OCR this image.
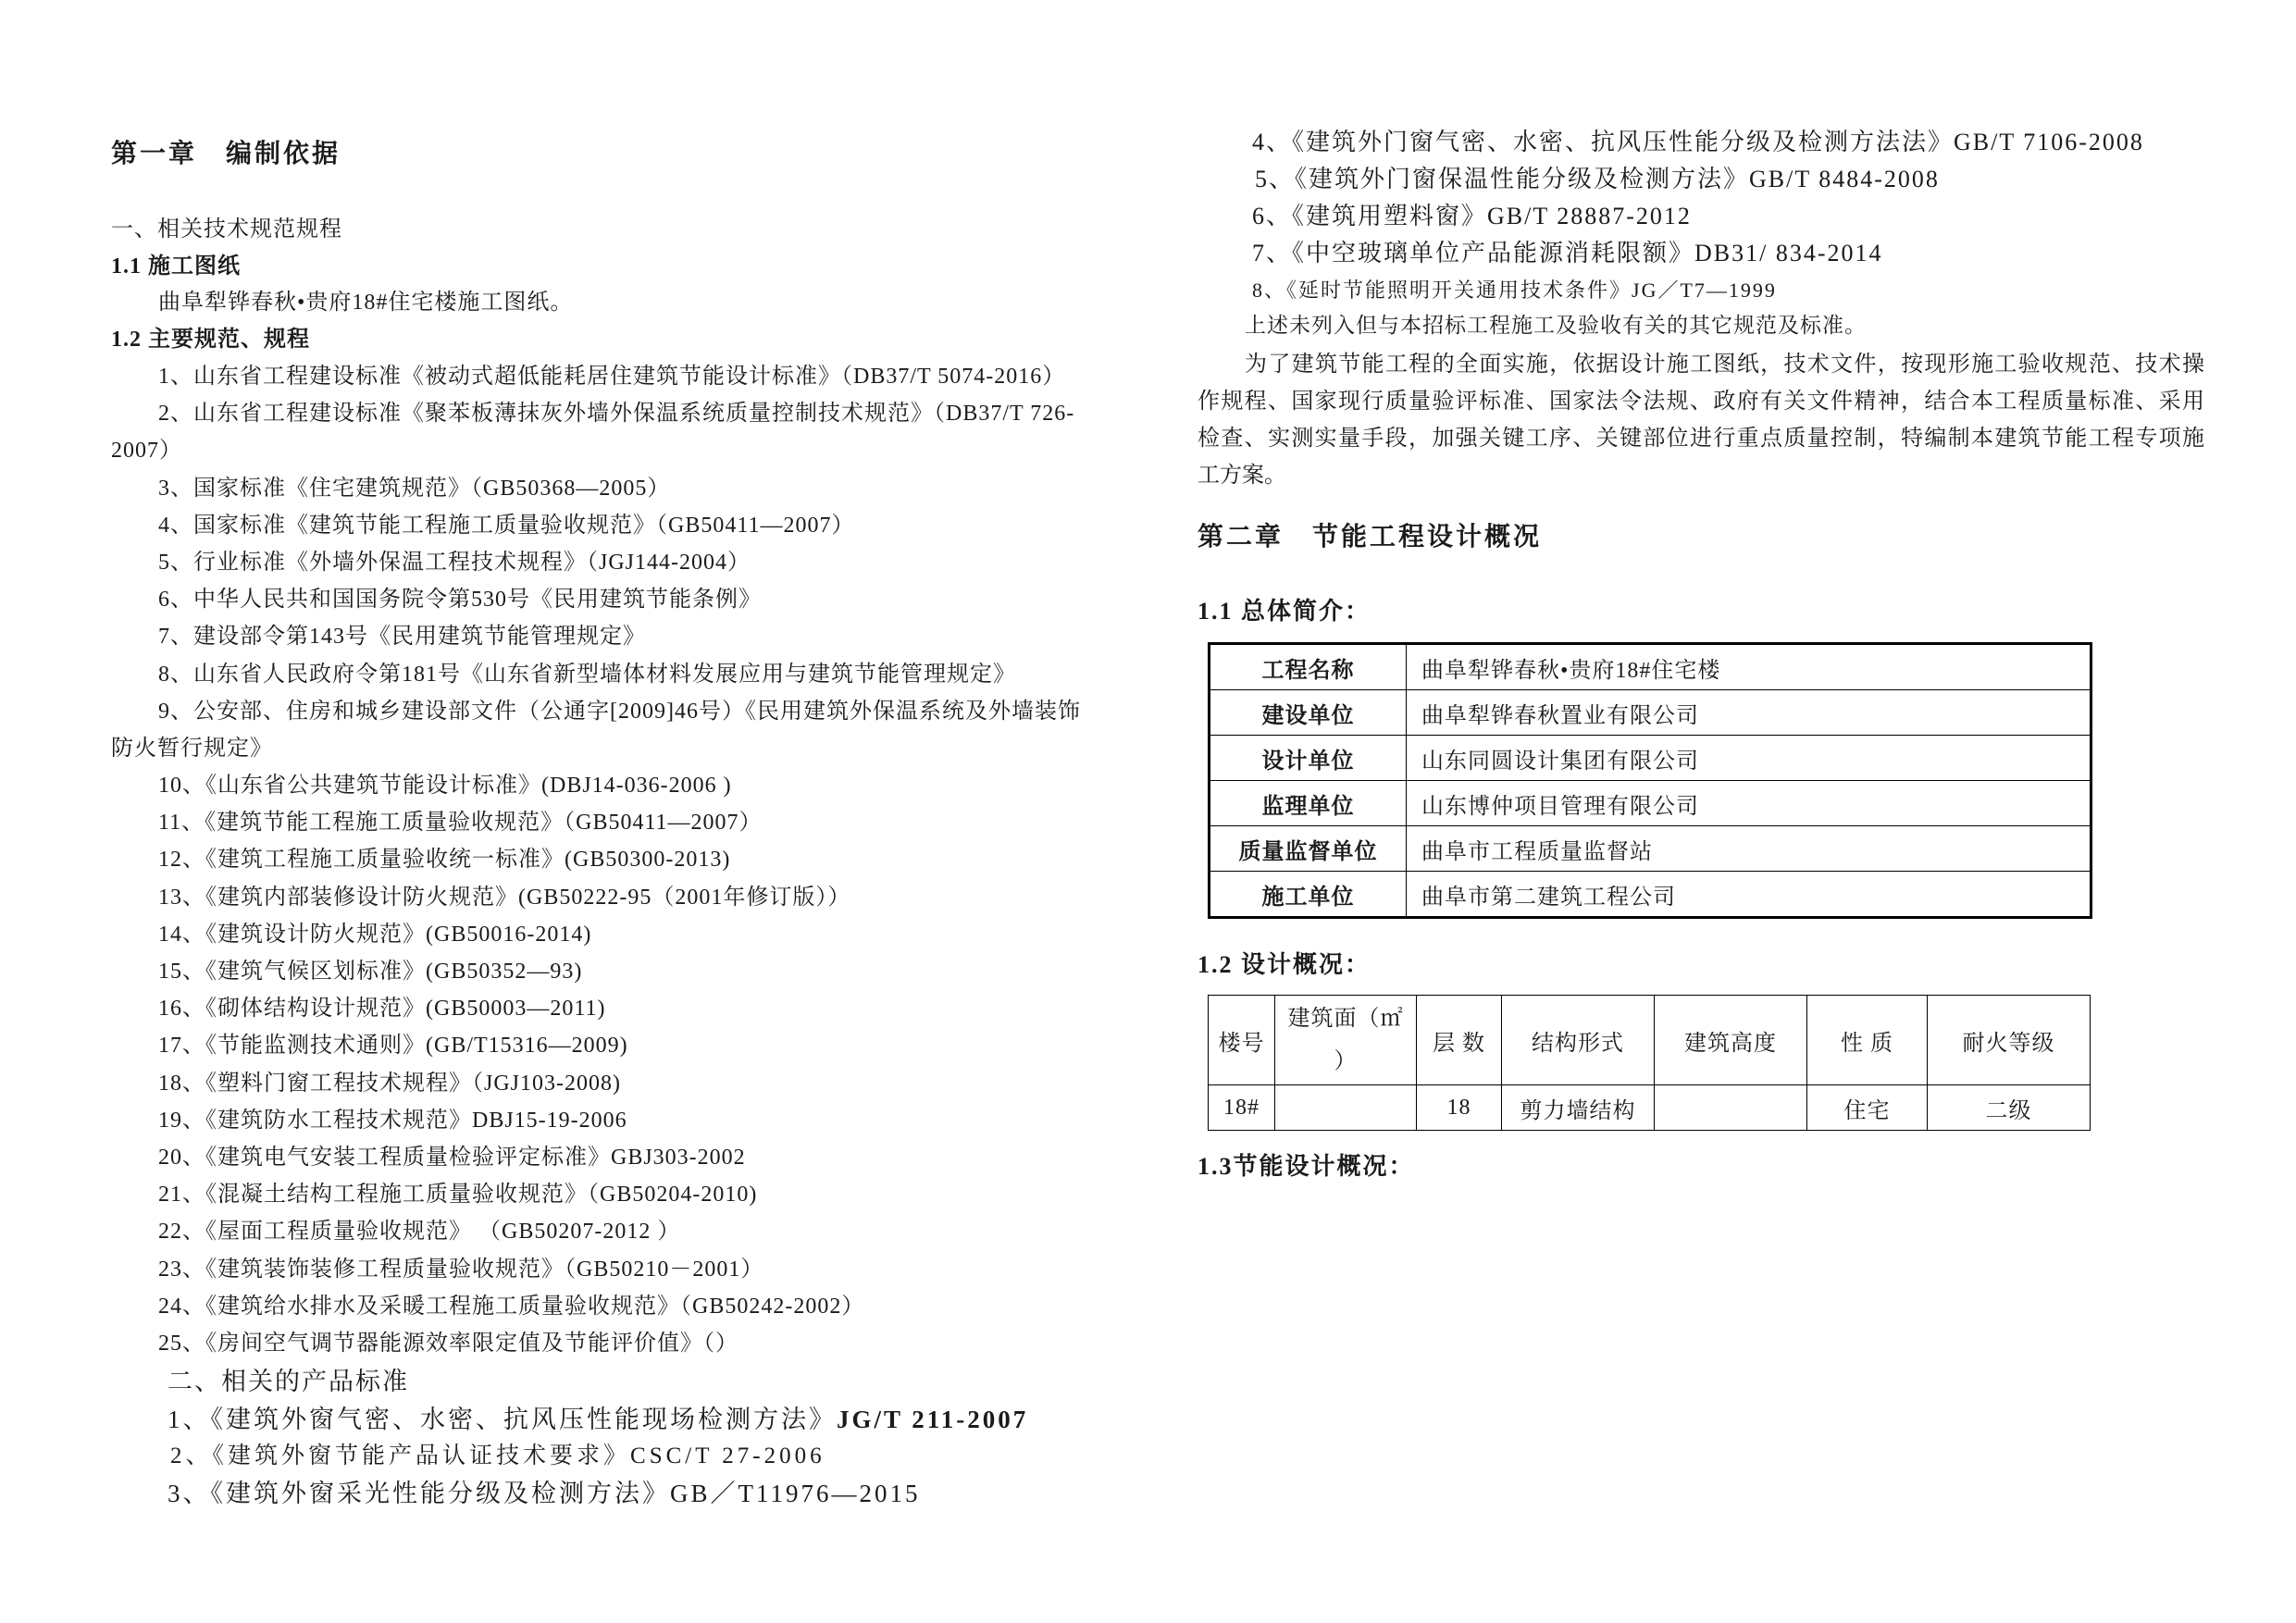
第一章　编制依据
一、相关技术规范规程
1.1 施工图纸
曲阜犁铧春秋•贵府18#住宅楼施工图纸。
1.2 主要规范、规程
1、山东省工程建设标准《被动式超低能耗居住建筑节能设计标准》（DB37/T 5074-2016）
2、山东省工程建设标准《聚苯板薄抹灰外墙外保温系统质量控制技术规范》（DB37/T 726-
2007）
3、国家标准《住宅建筑规范》（GB50368—2005）
4、国家标准《建筑节能工程施工质量验收规范》（GB50411—2007）
5、行业标准《外墙外保温工程技术规程》（JGJ144-2004）
6、中华人民共和国国务院令第530号《民用建筑节能条例》
7、建设部令第143号《民用建筑节能管理规定》
8、山东省人民政府令第181号《山东省新型墙体材料发展应用与建筑节能管理规定》
9、公安部、住房和城乡建设部文件（公通字[2009]46号）《民用建筑外保温系统及外墙装饰
防火暂行规定》
10、《山东省公共建筑节能设计标准》(DBJ14-036-2006 )
11、《建筑节能工程施工质量验收规范》（GB50411—2007）
12、《建筑工程施工质量验收统一标准》(GB50300-2013)
13、《建筑内部装修设计防火规范》(GB50222-95（2001年修订版））
14、《建筑设计防火规范》(GB50016-2014)
15、《建筑气候区划标准》(GB50352—93)
16、《砌体结构设计规范》(GB50003—2011)
17、《节能监测技术通则》(GB/T15316—2009)
18、《塑料门窗工程技术规程》（JGJ103-2008)
19、《建筑防水工程技术规范》DBJ15-19-2006
20、《建筑电气安装工程质量检验评定标准》GBJ303-2002
21、《混凝土结构工程施工质量验收规范》（GB50204-2010)
22、《屋面工程质量验收规范》 （GB50207-2012 ）
23、《建筑装饰装修工程质量验收规范》（GB50210－2001）
24、《建筑给水排水及采暖工程施工质量验收规范》（GB50242-2002）
25、《房间空气调节器能源效率限定值及节能评价值》（）
二、相关的产品标准
1、《建筑外窗气密、水密、抗风压性能现场检测方法》JG/T 211-2007
2、《建筑外窗节能产品认证技术要求》CSC/T 27-2006
3、《建筑外窗采光性能分级及检测方法》GB／T11976—2015
4、《建筑外门窗气密、水密、抗风压性能分级及检测方法法》GB/T 7106-2008
5、《建筑外门窗保温性能分级及检测方法》GB/T 8484-2008
6、《建筑用塑料窗》GB/T 28887-2012
7、《中空玻璃单位产品能源消耗限额》DB31/ 834-2014
8、《延时节能照明开关通用技术条件》JG／T7—1999
上述未列入但与本招标工程施工及验收有关的其它规范及标准。
为了建筑节能工程的全面实施，依据设计施工图纸，技术文件，按现形施工验收规范、技术操
作规程、国家现行质量验评标准、国家法令法规、政府有关文件精神，结合本工程质量标准、采用
检查、实测实量手段，加强关键工序、关键部位进行重点质量控制，特编制本建筑节能工程专项施
工方案。
第二章　节能工程设计概况
1.1 总体简介：
工程名称	曲阜犁铧春秋•贵府18#住宅楼
建设单位	曲阜犁铧春秋置业有限公司
设计单位	山东同圆设计集团有限公司
监理单位	山东博仲项目管理有限公司
质量监督单位	曲阜市工程质量监督站
施工单位	曲阜市第二建筑工程公司
1.2 设计概况：
楼号	建筑面（㎡）	层 数	结构形式	建筑高度	性 质	耐火等级
18#		18	剪力墙结构		住宅	二级
1.3节能设计概况：
